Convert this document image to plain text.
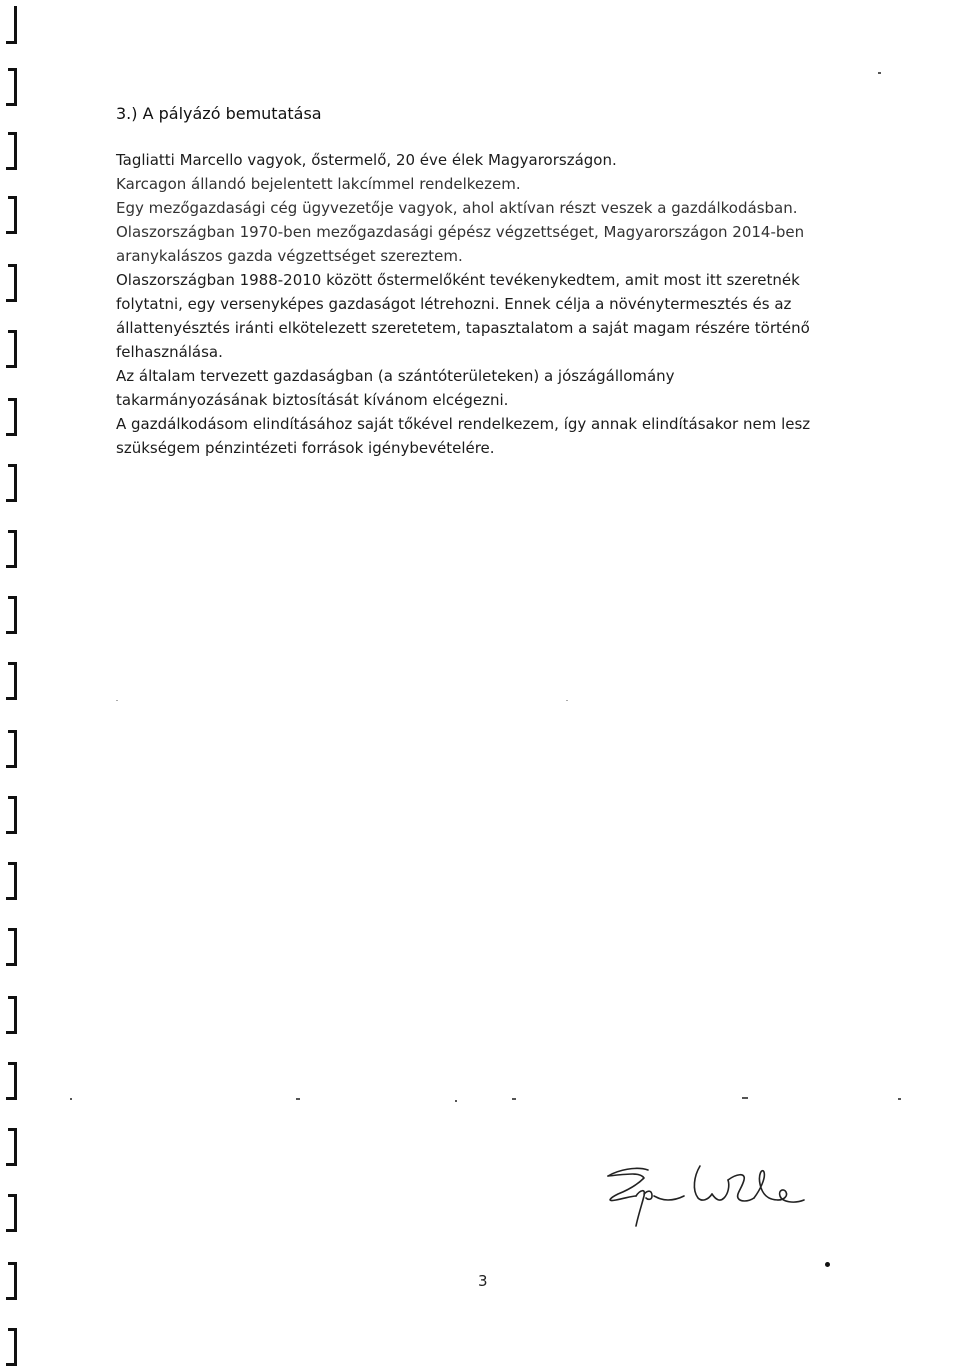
3.) A pályázó bemutatása
Tagliatti Marcello vagyok, őstermelő, 20 éve élek Magyarországon.
Karcagon állandó bejelentett lakcímmel rendelkezem.
Egy mezőgazdasági cég ügyvezetője vagyok, ahol aktívan részt veszek a gazdálkodásban.
Olaszországban 1970-ben mezőgazdasági gépész végzettséget, Magyarországon 2014-ben
aranykalászos gazda végzettséget szereztem.
Olaszországban 1988-2010 között őstermelőként tevékenykedtem, amit most itt szeretnék
folytatni, egy versenyképes gazdaságot létrehozni. Ennek célja a növénytermesztés és az
állattenyésztés iránti elkötelezett szeretetem, tapasztalatom a saját magam részére történő
felhasználása.
Az általam tervezett gazdaságban (a szántóterületeken) a jószágállomány
takarmányozásának biztosítását kívánom elcégezni.
A gazdálkodásom elindításához saját tőkével rendelkezem, így annak elindításakor nem lesz
szükségem pénzintézeti források igénybevételére.
3
